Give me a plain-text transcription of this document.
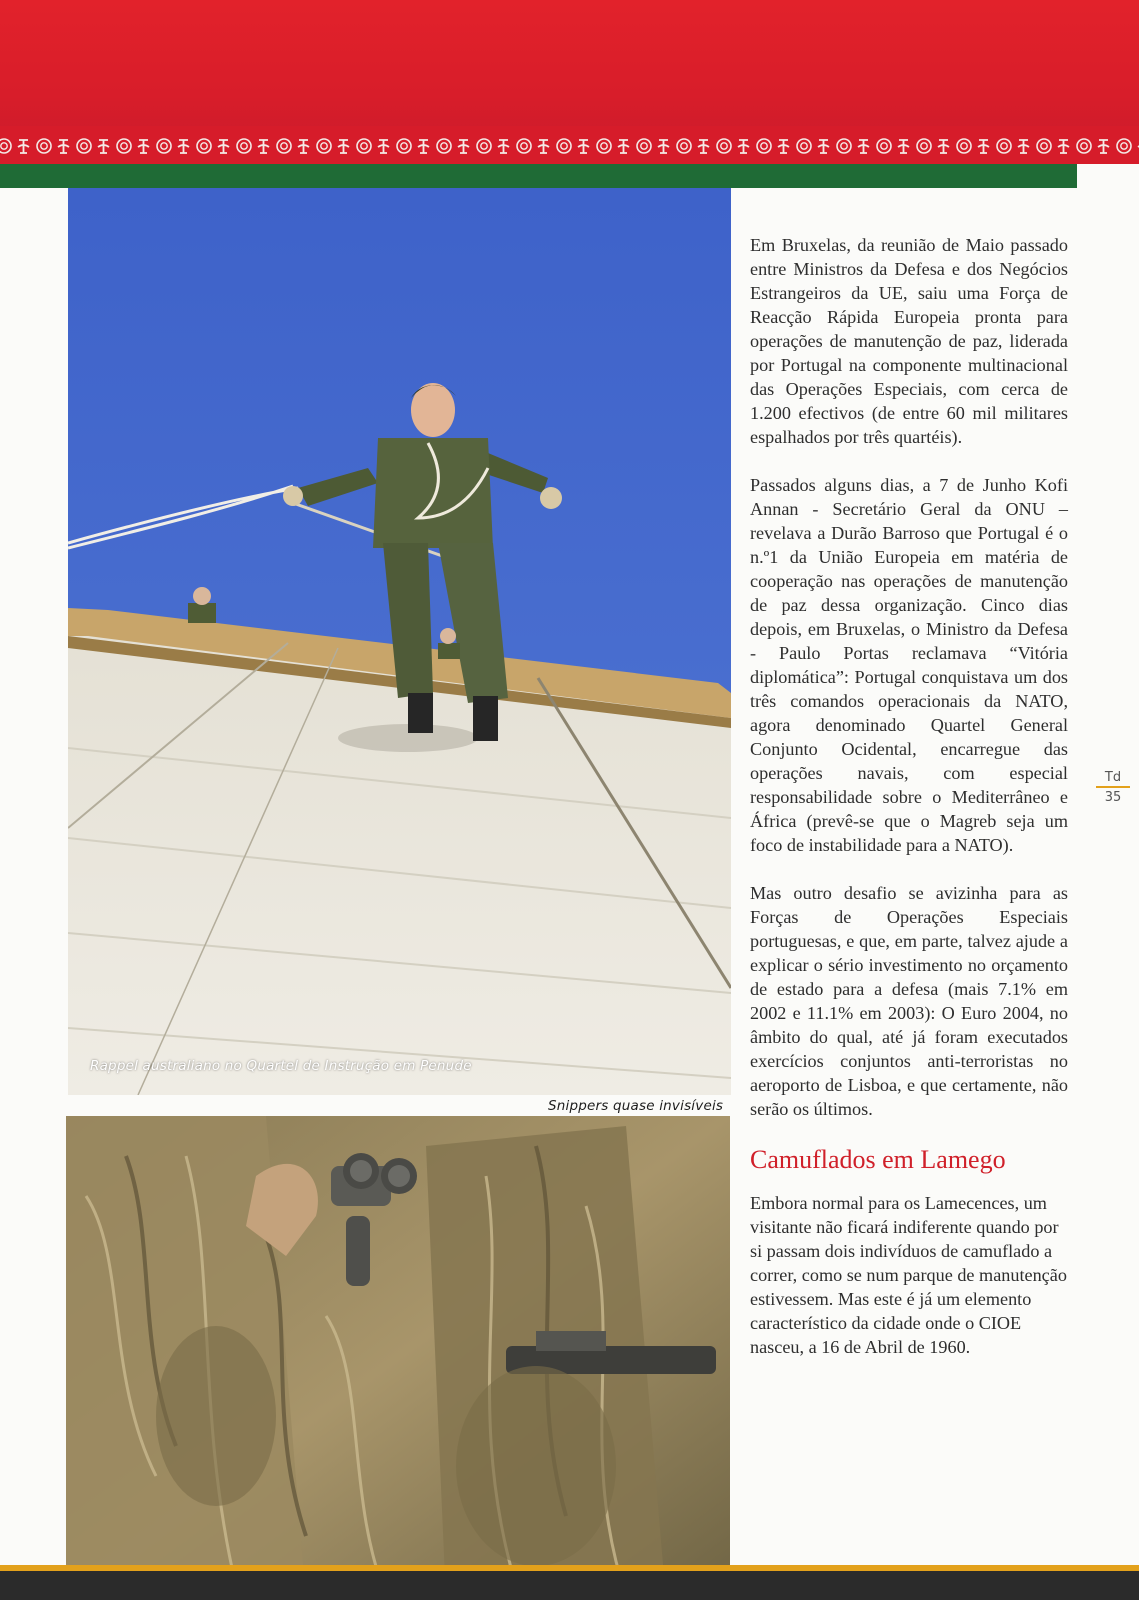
Rappel australiano no Quartel de Instrução em Penude
Snippers quase invisíveis

Em Bruxelas, da reunião de Maio passado entre Ministros da Defesa e dos Negócios Estrangeiros da UE, saiu uma Força de Reacção Rápida Europeia pronta para operações de manutenção de paz, liderada por Portugal na componente multinacional das Operações Especiais, com cerca de 1.200 efectivos (de entre 60 mil militares espalhados por três quartéis).

Passados alguns dias, a 7 de Junho Kofi Annan - Secretário Geral da ONU – revelava a Durão Barroso que Portugal é o n.º1 da União Europeia em matéria de cooperação nas operações de manutenção de paz dessa organização. Cinco dias depois, em Bruxelas, o Ministro da Defesa - Paulo Portas reclamava “Vitória diplomática”: Portugal conquistava um dos três comandos operacionais da NATO, agora denominado Quartel General Conjunto Ocidental, encarregue das operações navais, com especial responsabilidade sobre o Mediterrâneo e África (prevê-se que o Magreb seja um foco de instabilidade para a NATO).

Mas outro desafio se avizinha para as Forças de Operações Especiais portuguesas, e que, em parte, talvez ajude a explicar o sério investimento no orçamento de estado para a defesa (mais 7.1% em 2002 e 11.1% em 2003): O Euro 2004, no âmbito do qual, até já foram executados exercícios conjuntos anti-terroristas no aeroporto de Lisboa, e que certamente, não serão os últimos.

Camuflados em Lamego

Embora normal para os Lamecences, um visitante não ficará indiferente quando por si passam dois indivíduos de camuflado a correr, como se num parque de manutenção estivessem. Mas este é já um elemento característico da cidade onde o CIOE nasceu, a 16 de Abril de 1960.

Td
35
